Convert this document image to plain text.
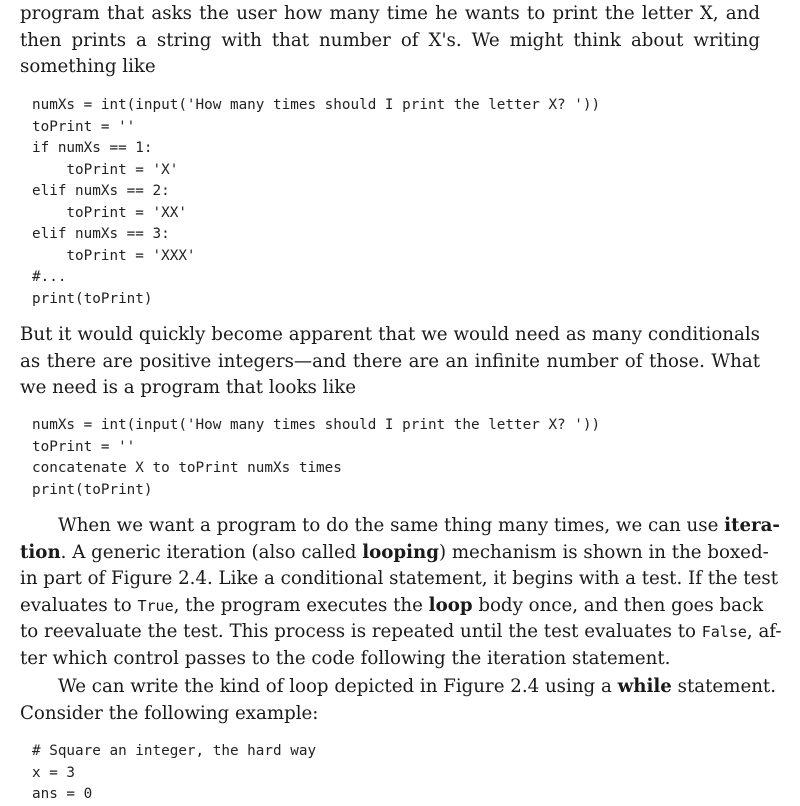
program that asks the user how many time he wants to print the letter X, and
then prints a string with that number of X's. We might think about writing
something like

numXs = int(input('How many times should I print the letter X? '))
toPrint = ''
if numXs == 1:
toPrint = 'X'
elif numXs == 2:
toPrint = 'XX'
elif numXs == 3:
toPrint = 'XXX'
#...
print(toPrint)

But it would quickly become apparent that we would need as many conditionals
as there are positive integers—and there are an infinite number of those. What
we need is a program that looks like

numXs = int(input('How many times should I print the letter X? '))
toPrint = ''
concatenate X to toPrint numXs times
print(toPrint)

When we want a program to do the same thing many times, we can use itera-
tion. A generic iteration (also called looping) mechanism is shown in the boxed-
in part of Figure 2.4. Like a conditional statement, it begins with a test. If the test
evaluates to True, the program executes the loop body once, and then goes back
to reevaluate the test. This process is repeated until the test evaluates to False, af-
ter which control passes to the code following the iteration statement.

We can write the kind of loop depicted in Figure 2.4 using a while statement.
Consider the following example:

# Square an integer, the hard way
x = 3
ans = 0
